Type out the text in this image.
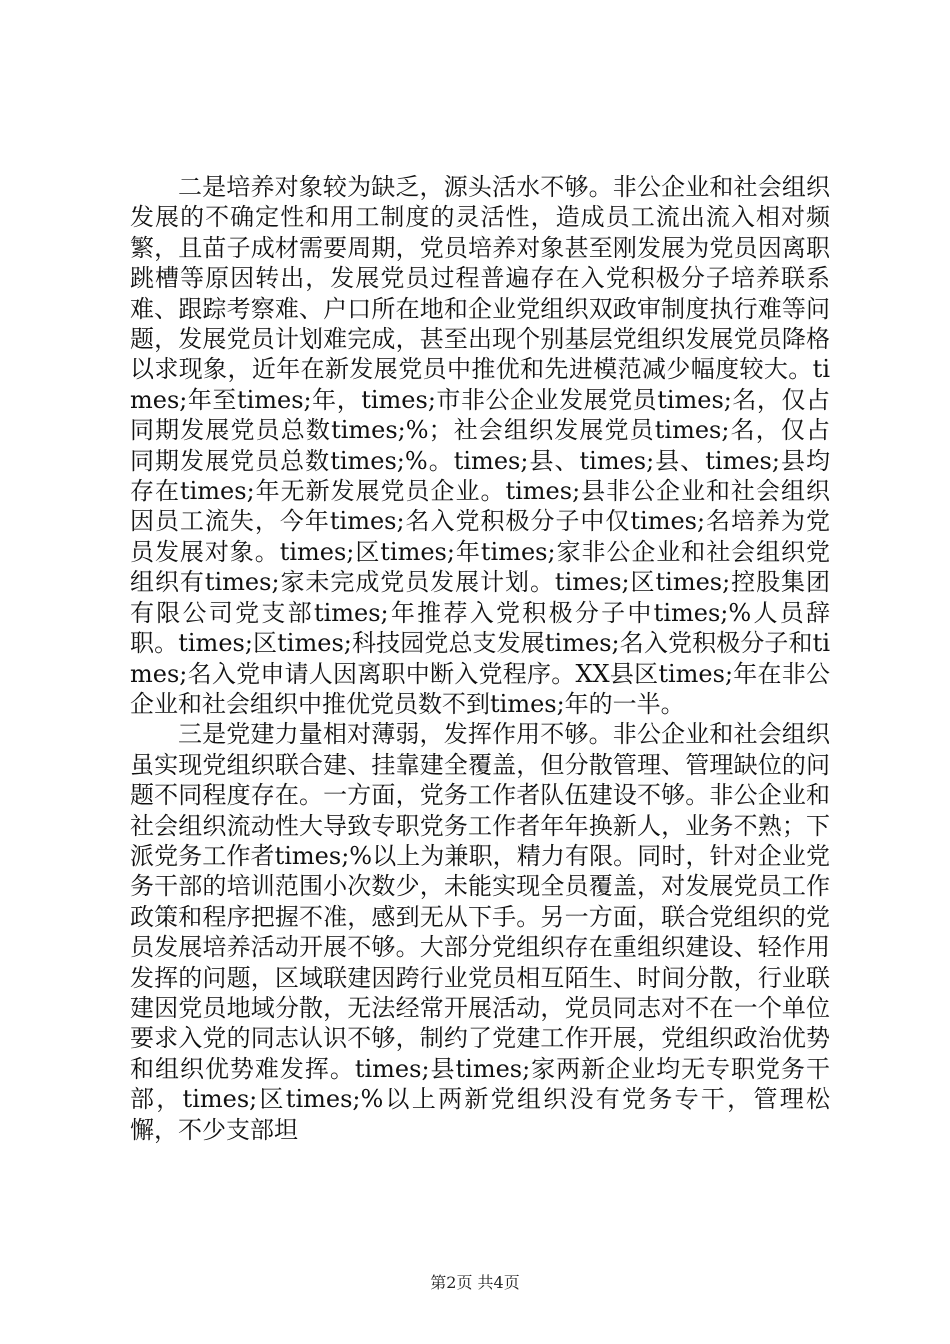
二是培养对象较为缺乏，源头活水不够。非公企业和社会组织发展的不确定性和用工制度的灵活性，造成员工流出流入相对频繁，且苗子成材需要周期，党员培养对象甚至刚发展为党员因离职跳槽等原因转出，发展党员过程普遍存在入党积极分子培养联系难、跟踪考察难、户口所在地和企业党组织双政审制度执行难等问题，发展党员计划难完成，甚至出现个别基层党组织发展党员降格以求现象，近年在新发展党员中推优和先进模范减少幅度较大。times;年至times;年，times;市非公企业发展党员times;名，仅占同期发展党员总数times;%；社会组织发展党员times;名，仅占同期发展党员总数times;%。times;县、times;县、times;县均存在times;年无新发展党员企业。times;县非公企业和社会组织因员工流失，今年times;名入党积极分子中仅times;名培养为党员发展对象。times;区times;年times;家非公企业和社会组织党组织有times;家未完成党员发展计划。times;区times;控股集团有限公司党支部times;年推荐入党积极分子中times;%人员辞职。times;区times;科技园党总支发展times;名入党积极分子和times;名入党申请人因离职中断入党程序。XX县区times;年在非公企业和社会组织中推优党员数不到times;年的一半。

三是党建力量相对薄弱，发挥作用不够。非公企业和社会组织虽实现党组织联合建、挂靠建全覆盖，但分散管理、管理缺位的问题不同程度存在。一方面，党务工作者队伍建设不够。非公企业和社会组织流动性大导致专职党务工作者年年换新人，业务不熟；下派党务工作者times;%以上为兼职，精力有限。同时，针对企业党务干部的培训范围小次数少，未能实现全员覆盖，对发展党员工作政策和程序把握不准，感到无从下手。另一方面，联合党组织的党员发展培养活动开展不够。大部分党组织存在重组织建设、轻作用发挥的问题，区域联建因跨行业党员相互陌生、时间分散，行业联建因党员地域分散，无法经常开展活动，党员同志对不在一个单位要求入党的同志认识不够，制约了党建工作开展，党组织政治优势和组织优势难发挥。times;县times;家两新企业均无专职党务干部，times;区times;%以上两新党组织没有党务专干，管理松懈，不少支部坦

第2页 共4页
